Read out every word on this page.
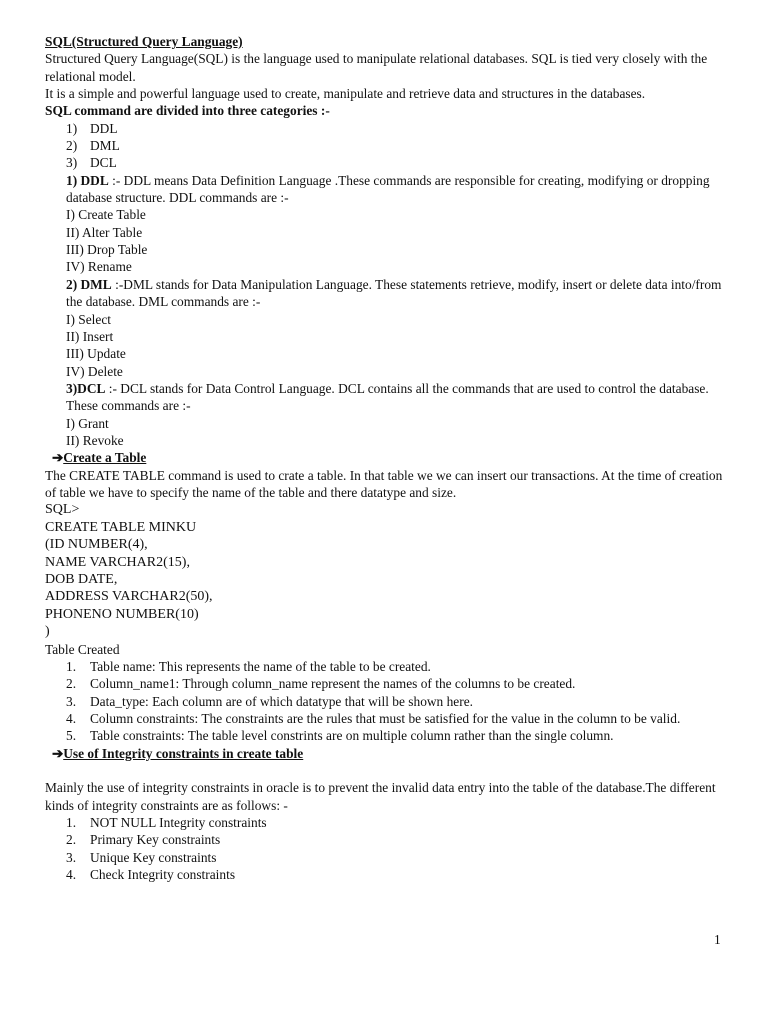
SQL(Structured Query Language)

Structured Query Language(SQL) is the language used to manipulate relational databases. SQL is tied very closely with the relational model.

It is a simple and powerful language used to create, manipulate and retrieve data and structures in the databases.

SQL command are divided into three categories :-
1) DDL
2) DML
3) DCL

1) DDL :- DDL means Data Definition Language .These commands are responsible for creating, modifying or dropping database structure. DDL commands are :-

I) Create Table
II) Alter Table
III) Drop Table
IV) Rename

2) DML :-DML stands for Data Manipulation Language. These statements retrieve, modify, insert or delete data into/from the database. DML commands are :-

I) Select
II) Insert
III) Update
IV) Delete

3)DCL :- DCL stands for Data Control Language. DCL contains all the commands that are used to control the database. These commands are :-

I) Grant
II) Revoke
➔Create a Table

The CREATE TABLE command is used to crate a table. In that table we we can insert our transactions. At the time of creation of table we have to specify the name of the table and there datatype and size.

SQL>
CREATE TABLE MINKU
(ID NUMBER(4),
NAME VARCHAR2(15),
DOB DATE,
ADDRESS VARCHAR2(50),
PHONENO NUMBER(10)
)
Table Created
1.	Table name: This represents the name of the table to be created.
2.	Column_name1: Through column_name represent the names of the columns to be created.
3.	Data_type: Each column are of which datatype that will be shown here.
4.	Column constraints: The constraints are the rules that must be satisfied for the value in the column to be valid.
5.	Table constraints: The table level constrints are on multiple column rather than the single column.
➔Use of Integrity constraints in create table

Mainly the use of integrity constraints in oracle is to prevent the invalid data entry into the table of the database.The different kinds of integrity constraints are as follows: -

1.	NOT NULL Integrity constraints
2.	Primary Key constraints
3.	Unique Key constraints
4.	Check Integrity constraints
1
